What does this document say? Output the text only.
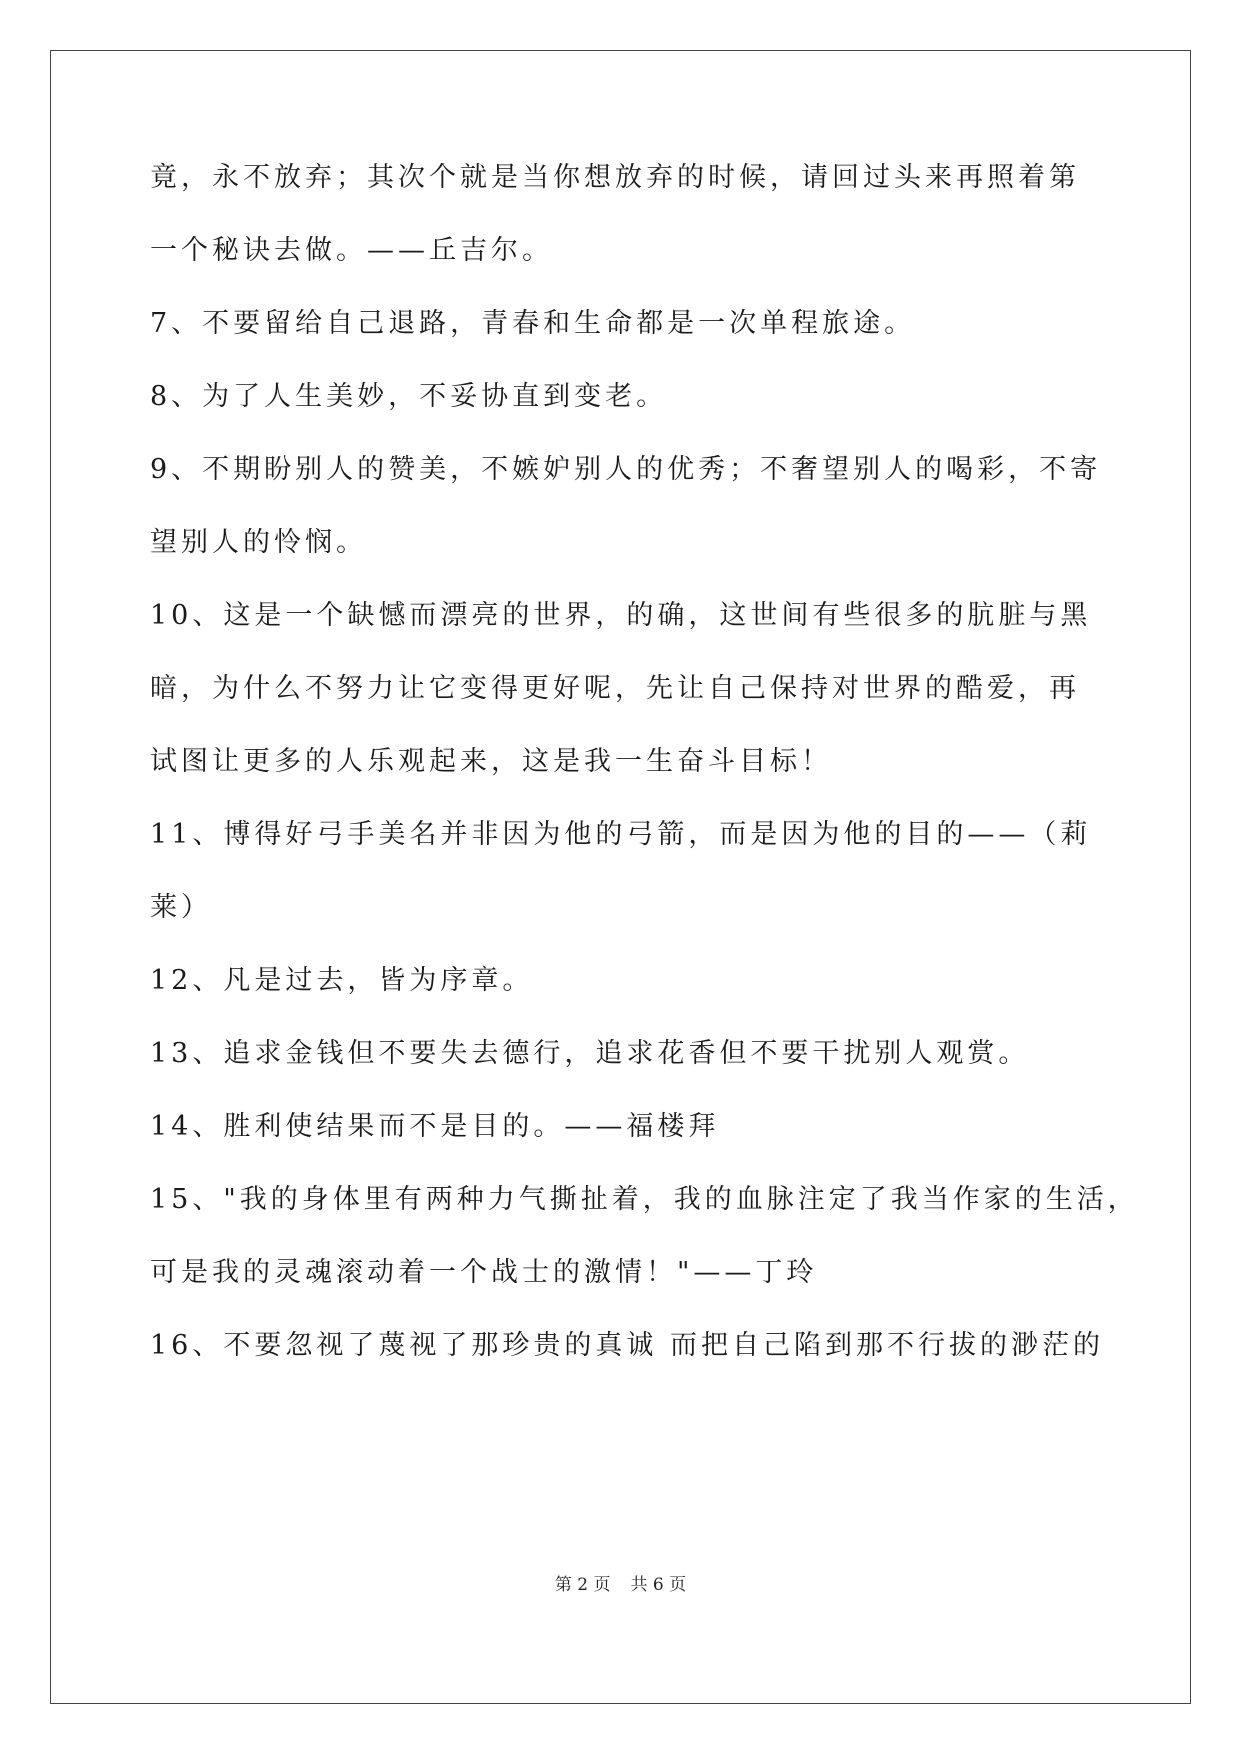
竟，永不放弃；其次个就是当你想放弃的时候，请回过头来再照着第
一个秘诀去做。——丘吉尔。
7、不要留给自己退路，青春和生命都是一次单程旅途。
8、为了人生美妙，不妥协直到变老。
9、不期盼别人的赞美，不嫉妒别人的优秀；不奢望别人的喝彩，不寄
望别人的怜悯。
10、这是一个缺憾而漂亮的世界，的确，这世间有些很多的肮脏与黑
暗，为什么不努力让它变得更好呢，先让自己保持对世界的酷爱，再
试图让更多的人乐观起来，这是我一生奋斗目标！
11、博得好弓手美名并非因为他的弓箭，而是因为他的目的——（莉
莱）
12、凡是过去，皆为序章。
13、追求金钱但不要失去德行，追求花香但不要干扰别人观赏。
14、胜利使结果而不是目的。——福楼拜
15、"我的身体里有两种力气撕扯着，我的血脉注定了我当作家的生活，
可是我的灵魂滚动着一个战士的激情！"——丁玲
16、不要忽视了蔑视了那珍贵的真诚 而把自己陷到那不行拔的渺茫的
第 2 页 共 6 页
